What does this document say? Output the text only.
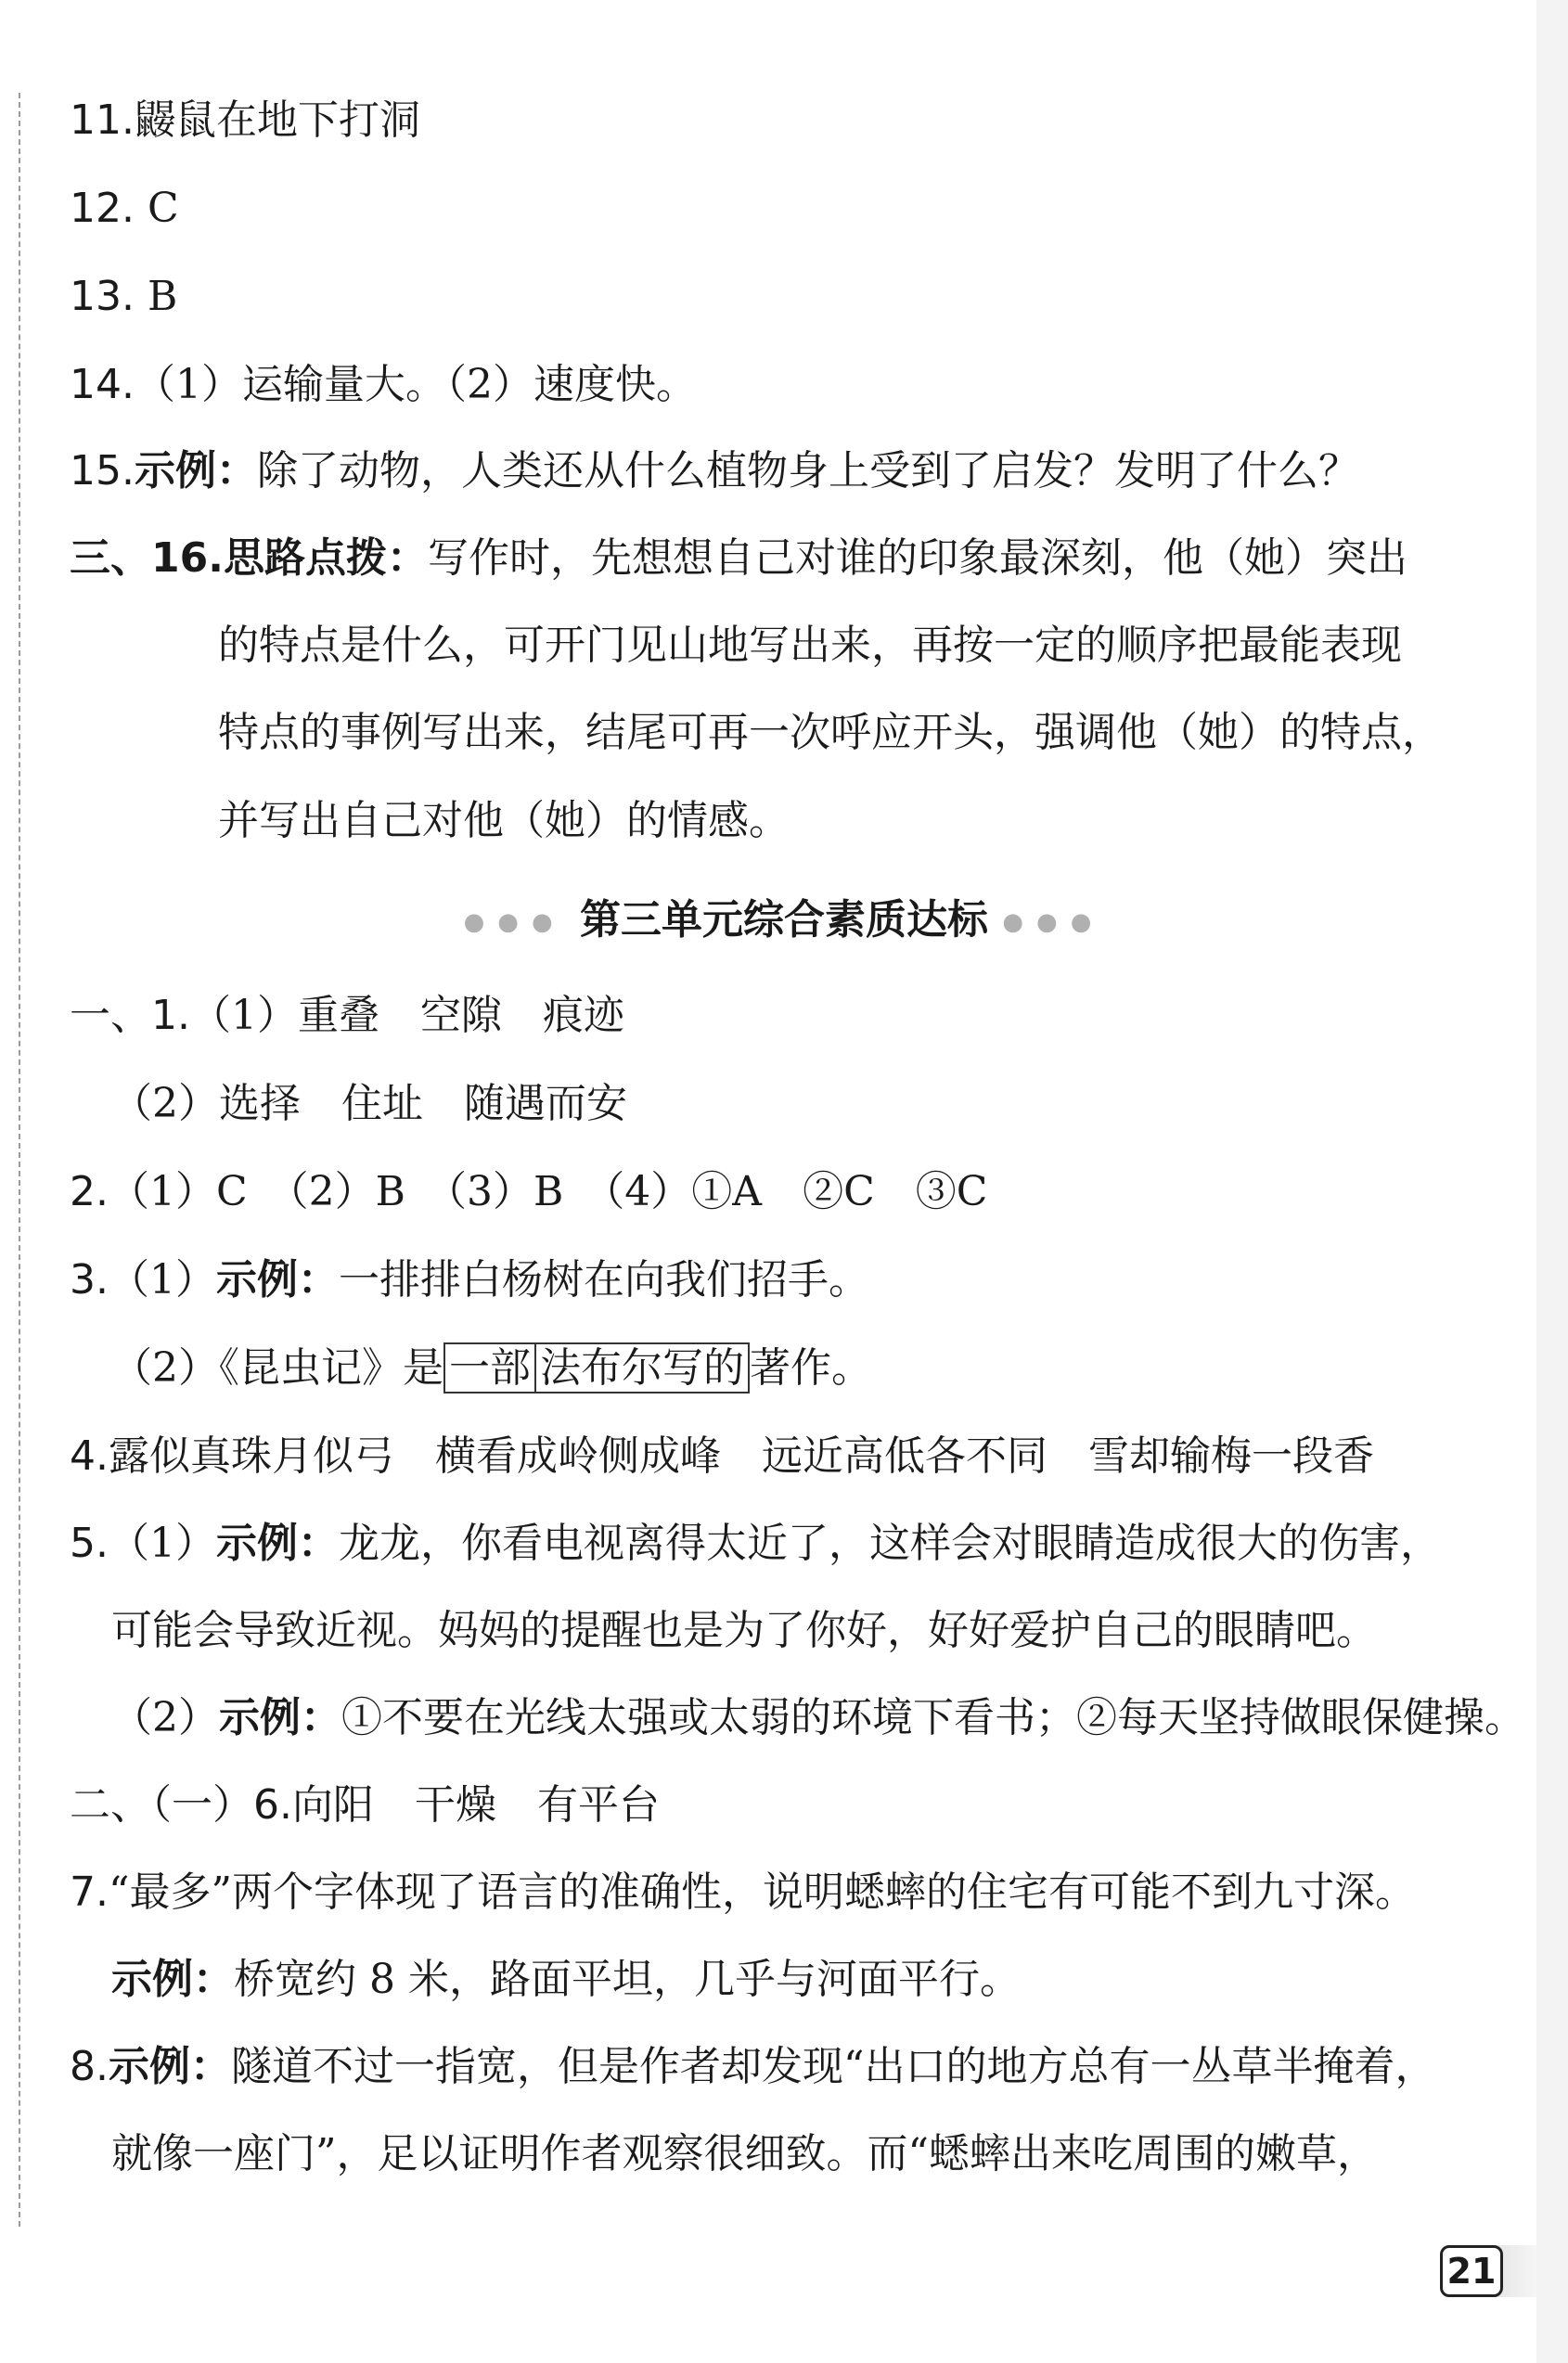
11.鼹鼠在地下打洞
12. C
13. B
14.（1）运输量大。（2）速度快。
15.示例：除了动物，人类还从什么植物身上受到了启发？发明了什么？
三、16.思路点拨：写作时，先想想自己对谁的印象最深刻，他（她）突出
的特点是什么，可开门见山地写出来，再按一定的顺序把最能表现
特点的事例写出来，结尾可再一次呼应开头，强调他（她）的特点，
并写出自己对他（她）的情感。
●●● 第三单元综合素质达标 ●●●
一、1.（1）重叠　空隙　痕迹
（2）选择　住址　随遇而安
2.（1）C　（2）B　（3）B　（4）①A　②C　③C
3.（1）示例：一排排白杨树在向我们招手。
（2）《昆虫记》是 一部 法布尔写的 著作。
4.露似真珠月似弓　横看成岭侧成峰　远近高低各不同　雪却输梅一段香
5.（1）示例：龙龙，你看电视离得太近了，这样会对眼睛造成很大的伤害，
可能会导致近视。妈妈的提醒也是为了你好，好好爱护自己的眼睛吧。
（2）示例：①不要在光线太强或太弱的环境下看书；②每天坚持做眼保健操。
二、（一）6.向阳　干燥　有平台
7.“最多”两个字体现了语言的准确性，说明蟋蟀的住宅有可能不到九寸深。
示例：桥宽约 8 米，路面平坦，几乎与河面平行。
8.示例：隧道不过一指宽，但是作者却发现“出口的地方总有一丛草半掩着，
就像一座门”，足以证明作者观察很细致。而“蟋蟀出来吃周围的嫩草，
21
